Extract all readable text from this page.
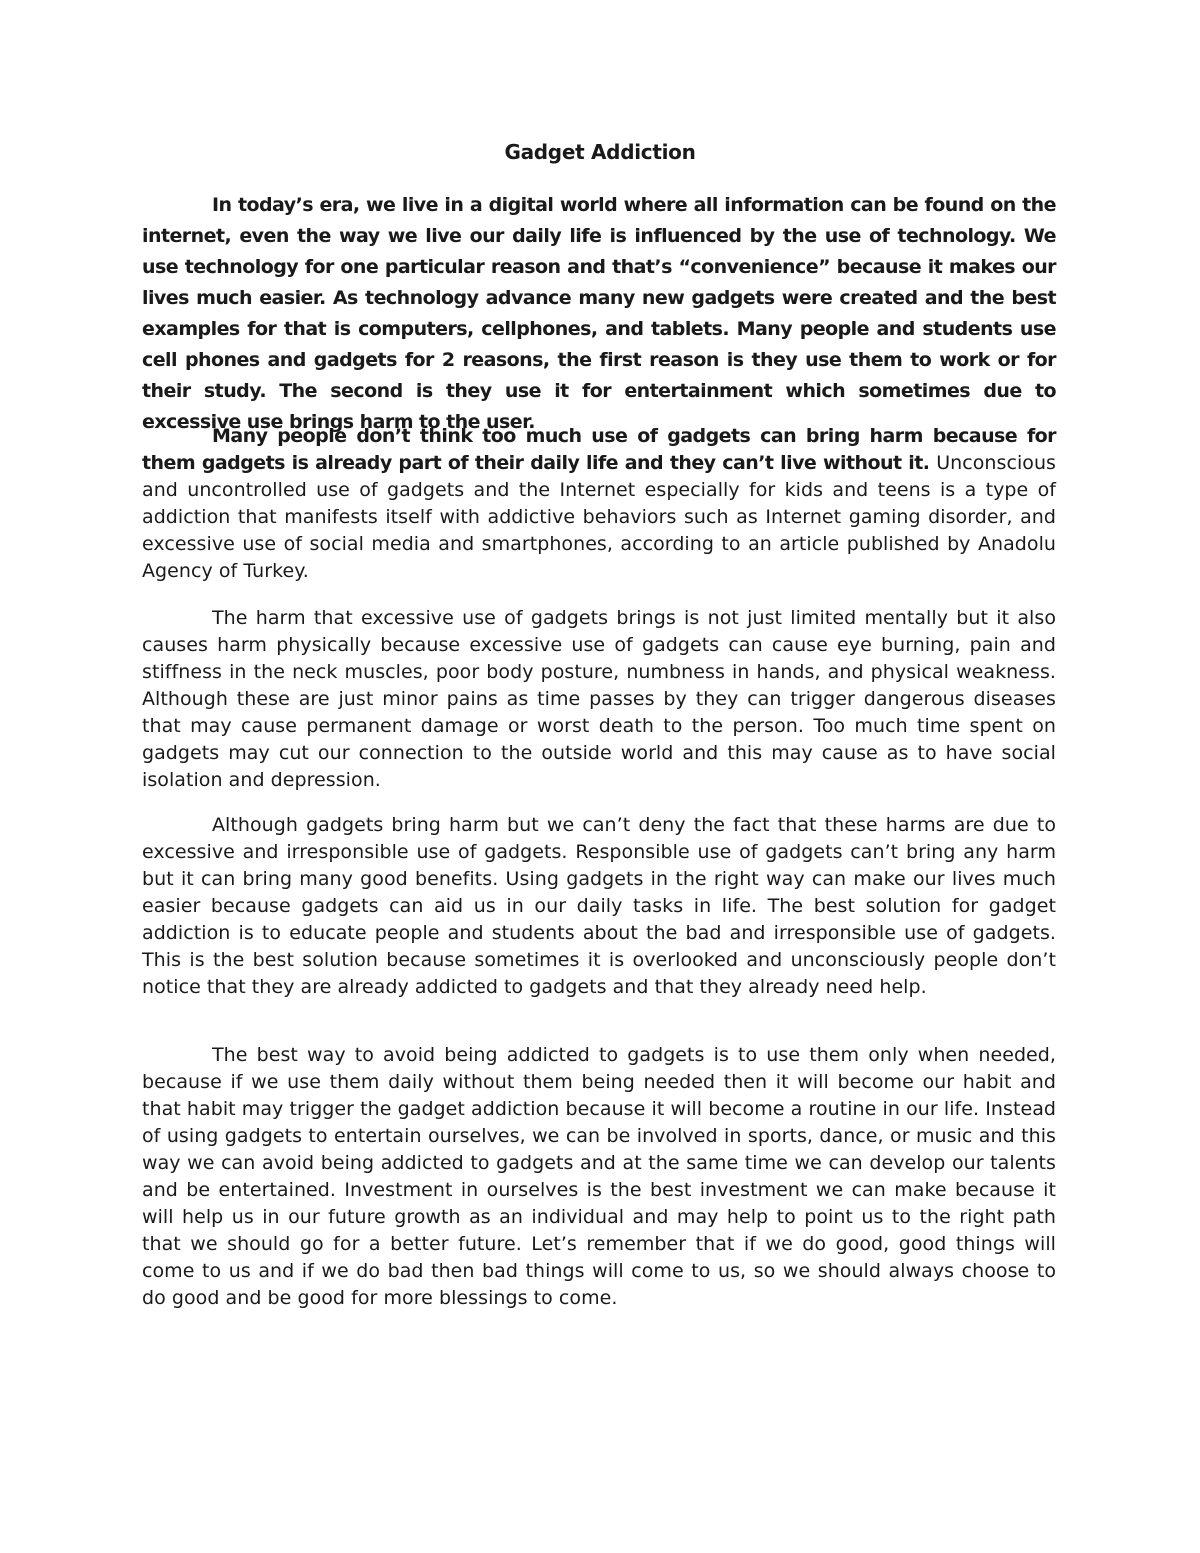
Gadget Addiction

In today’s era, we live in a digital world where all information can be found on the internet, even the way we live our daily life is influenced by the use of technology. We use technology for one particular reason and that’s “convenience” because it makes our lives much easier. As technology advance many new gadgets were created and the best examples for that is computers, cellphones, and tablets. Many people and students use cell phones and gadgets for 2 reasons, the first reason is they use them to work or for their study. The second is they use it for entertainment which sometimes due to excessive use brings harm to the user.

Many people don’t think too much use of gadgets can bring harm because for them gadgets is already part of their daily life and they can’t live without it. Unconscious and uncontrolled use of gadgets and the Internet especially for kids and teens is a type of addiction that manifests itself with addictive behaviors such as Internet gaming disorder, and excessive use of social media and smartphones, according to an article published by Anadolu Agency of Turkey.

The harm that excessive use of gadgets brings is not just limited mentally but it also causes harm physically because excessive use of gadgets can cause eye burning, pain and stiffness in the neck muscles, poor body posture, numbness in hands, and physical weakness. Although these are just minor pains as time passes by they can trigger dangerous diseases that may cause permanent damage or worst death to the person. Too much time spent on gadgets may cut our connection to the outside world and this may cause as to have social isolation and depression.

Although gadgets bring harm but we can’t deny the fact that these harms are due to excessive and irresponsible use of gadgets. Responsible use of gadgets can’t bring any harm but it can bring many good benefits. Using gadgets in the right way can make our lives much easier because gadgets can aid us in our daily tasks in life. The best solution for gadget addiction is to educate people and students about the bad and irresponsible use of gadgets. This is the best solution because sometimes it is overlooked and unconsciously people don’t notice that they are already addicted to gadgets and that they already need help.

The best way to avoid being addicted to gadgets is to use them only when needed, because if we use them daily without them being needed then it will become our habit and that habit may trigger the gadget addiction because it will become a routine in our life. Instead of using gadgets to entertain ourselves, we can be involved in sports, dance, or music and this way we can avoid being addicted to gadgets and at the same time we can develop our talents and be entertained. Investment in ourselves is the best investment we can make because it will help us in our future growth as an individual and may help to point us to the right path that we should go for a better future. Let’s remember that if we do good, good things will come to us and if we do bad then bad things will come to us, so we should always choose to do good and be good for more blessings to come.
